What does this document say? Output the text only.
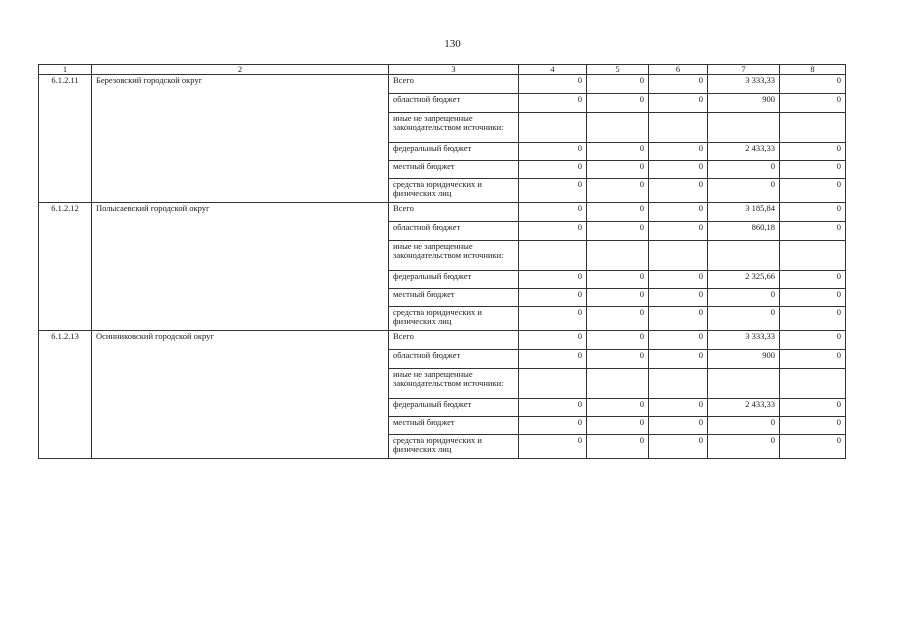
130
1	2	3	4	5	6	7	8
6.1.2.11	Березовский городской округ	Всего	0	0	0	3 333,33	0
		областной бюджет	0	0	0	900	0
		иные не запрещенные законодательством источники:					
		федеральный бюджет	0	0	0	2 433,33	0
		местный бюджет	0	0	0	0	0
		средства юридических и физических лиц	0	0	0	0	0
6.1.2.12	Полысаевский городской округ	Всего	0	0	0	3 185,84	0
		областной бюджет	0	0	0	860,18	0
		иные не запрещенные законодательством источники:					
		федеральный бюджет	0	0	0	2 325,66	0
		местный бюджет	0	0	0	0	0
		средства юридических и физических лиц	0	0	0	0	0
6.1.2.13	Осинниковский городской округ	Всего	0	0	0	3 333,33	0
		областной бюджет	0	0	0	900	0
		иные не запрещенные законодательством источники:					
		федеральный бюджет	0	0	0	2 433,33	0
		местный бюджет	0	0	0	0	0
		средства юридических и физических лиц	0	0	0	0	0
